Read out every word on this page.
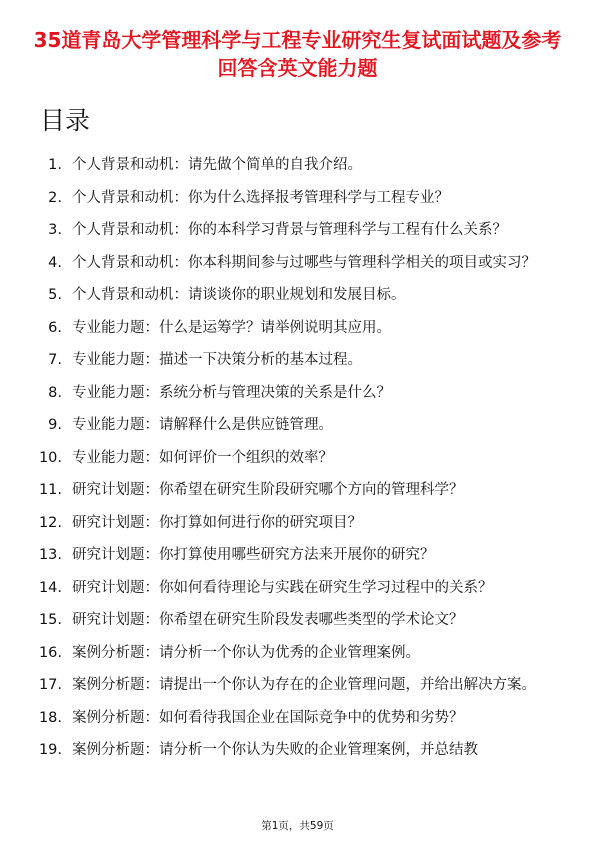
35道青岛大学管理科学与工程专业研究生复试面试题及参考回答含英文能力题
目录
1. 个人背景和动机：请先做个简单的自我介绍。
2. 个人背景和动机：你为什么选择报考管理科学与工程专业？
3. 个人背景和动机：你的本科学习背景与管理科学与工程有什么关系？
4. 个人背景和动机：你本科期间参与过哪些与管理科学相关的项目或实习？
5. 个人背景和动机：请谈谈你的职业规划和发展目标。
6. 专业能力题：什么是运筹学？请举例说明其应用。
7. 专业能力题：描述一下决策分析的基本过程。
8. 专业能力题：系统分析与管理决策的关系是什么？
9. 专业能力题：请解释什么是供应链管理。
10. 专业能力题：如何评价一个组织的效率？
11. 研究计划题：你希望在研究生阶段研究哪个方向的管理科学？
12. 研究计划题：你打算如何进行你的研究项目？
13. 研究计划题：你打算使用哪些研究方法来开展你的研究？
14. 研究计划题：你如何看待理论与实践在研究生学习过程中的关系？
15. 研究计划题：你希望在研究生阶段发表哪些类型的学术论文？
16. 案例分析题：请分析一个你认为优秀的企业管理案例。
17. 案例分析题：请提出一个你认为存在的企业管理问题，并给出解决方案。
18. 案例分析题：如何看待我国企业在国际竞争中的优势和劣势？
19. 案例分析题：请分析一个你认为失败的企业管理案例，并总结教
第1页，共59页
